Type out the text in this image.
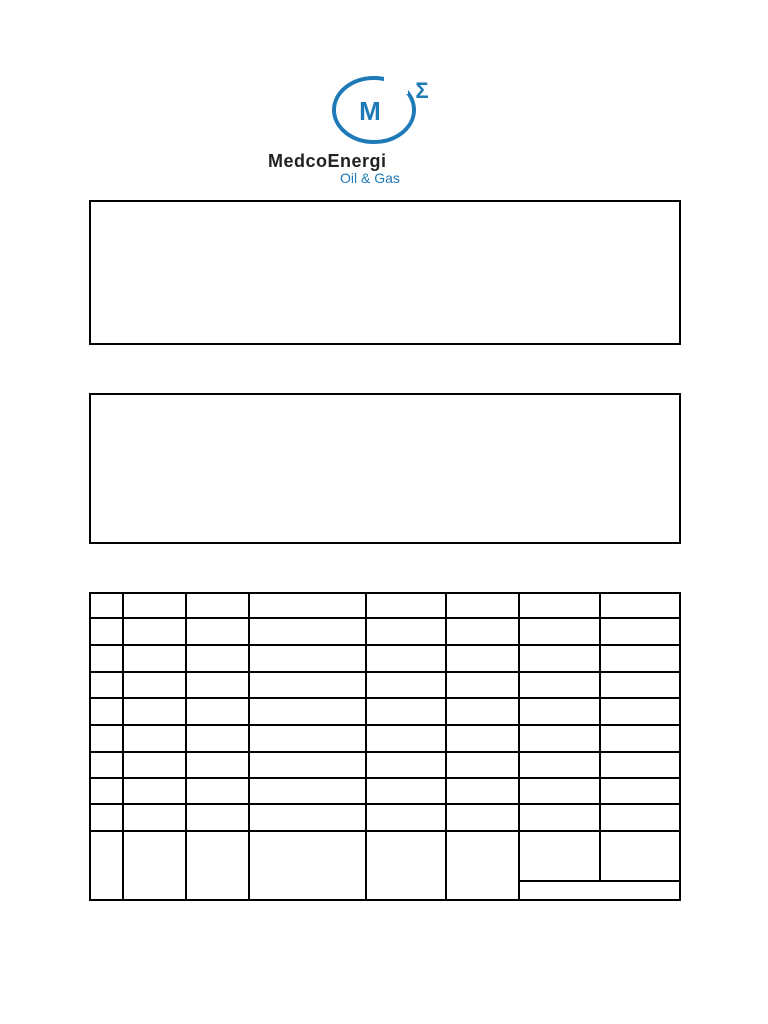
M
Σ
MedcoEnergi
Oil & Gas
